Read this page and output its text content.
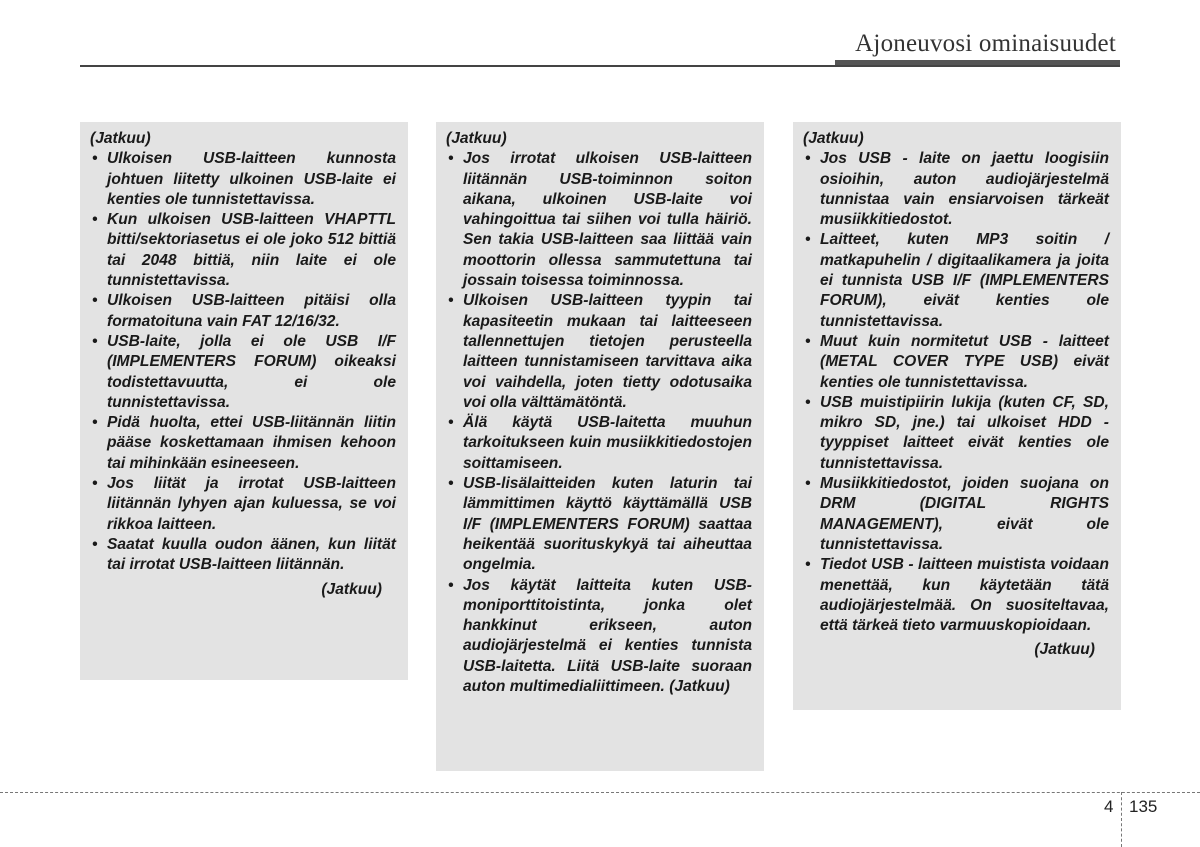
Ajoneuvosi ominaisuudet
(Jatkuu)
• Ulkoisen USB-laitteen kunnosta johtuen liitetty ulkoinen USB-laite ei kenties ole tunnistettavissa.
• Kun ulkoisen USB-laitteen VHAPTTL bitti/sektoriasetus ei ole joko 512 bittiä tai 2048 bittiä, niin laite ei ole tunnistettavissa.
• Ulkoisen USB-laitteen pitäisi olla formatoituna vain FAT 12/16/32.
• USB-laite, jolla ei ole USB I/F (IMPLEMENTERS FORUM) oikeaksi todistettavuutta, ei ole tunnistettavissa.
• Pidä huolta, ettei USB-liitännän liitin pääse koskettamaan ihmisen kehoon tai mihinkään esineeseen.
• Jos liität ja irrotat USB-laitteen liitännän lyhyen ajan kuluessa, se voi rikkoa laitteen.
• Saatat kuulla oudon äänen, kun liität tai irrotat USB-laitteen liitännän.
(Jatkuu)
(Jatkuu)
• Jos irrotat ulkoisen USB-laitteen liitännän USB-toiminnon soiton aikana, ulkoinen USB-laite voi vahingoittua tai siihen voi tulla häiriö. Sen takia USB-laitteen saa liittää vain moottorin ollessa sammutettuna tai jossain toisessa toiminnossa.
• Ulkoisen USB-laitteen tyypin tai kapasiteetin mukaan tai laitteeseen tallennettujen tietojen perusteella laitteen tunnistamiseen tarvittava aika voi vaihdella, joten tietty odotusaika voi olla välttämätöntä.
• Älä käytä USB-laitetta muuhun tarkoitukseen kuin musiikkitiedostojen soittamiseen.
• USB-lisälaitteiden kuten laturin tai lämmittimen käyttö käyttämällä USB I/F (IMPLEMENTERS FORUM) saattaa heikentää suorituskykyä tai aiheuttaa ongelmia.
• Jos käytät laitteita kuten USB-moniporttitoistinta, jonka olet hankkinut erikseen, auton audiojärjestelmä ei kenties tunnista USB-laitetta. Liitä USB-laite suoraan auton multimedialiittimeen. (Jatkuu)
(Jatkuu)
• Jos USB - laite on jaettu loogisiin osioihin, auton audiojärjestelmä tunnistaa vain ensiarvoisen tärkeät musiikkitiedostot.
• Laitteet, kuten MP3 soitin / matkapuhelin / digitaalikamera ja joita ei tunnista USB I/F (IMPLEMENTERS FORUM), eivät kenties ole tunnistettavissa.
• Muut kuin normitetut USB - laitteet (METAL COVER TYPE USB) eivät kenties ole tunnistettavissa.
• USB muistipiirin lukija (kuten CF, SD, mikro SD, jne.) tai ulkoiset HDD - tyyppiset laitteet eivät kenties ole tunnistettavissa.
• Musiikkitiedostot, joiden suojana on DRM (DIGITAL RIGHTS MANAGEMENT), eivät ole tunnistettavissa.
• Tiedot USB - laitteen muistista voidaan menettää, kun käytetään tätä audiojärjestelmää. On suositeltavaa, että tärkeä tieto varmuuskopioidaan.
(Jatkuu)
4 135
